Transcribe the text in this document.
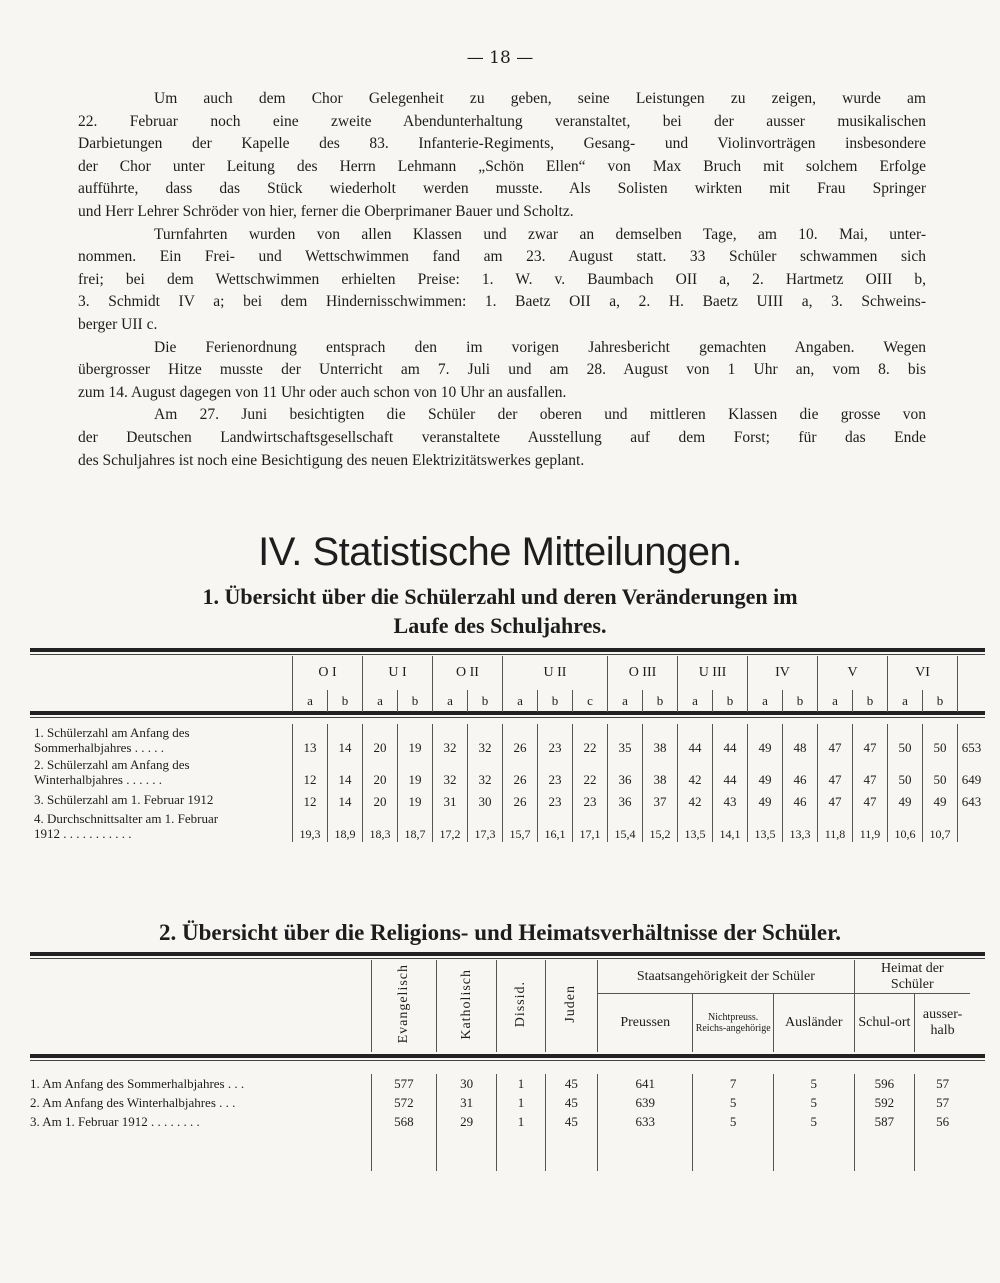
— 18 —
Um auch dem Chor Gelegenheit zu geben, seine Leistungen zu zeigen, wurde am
22. Februar noch eine zweite Abendunterhaltung veranstaltet, bei der ausser musikalischen
Darbietungen der Kapelle des 83. Infanterie-Regiments, Gesang- und Violinvorträgen insbesondere
der Chor unter Leitung des Herrn Lehmann „Schön Ellen“ von Max Bruch mit solchem Erfolge
aufführte, dass das Stück wiederholt werden musste. Als Solisten wirkten mit Frau Springer
und Herr Lehrer Schröder von hier, ferner die Oberprimaner Bauer und Scholtz.
Turnfahrten wurden von allen Klassen und zwar an demselben Tage, am 10. Mai, unter-
nommen. Ein Frei- und Wettschwimmen fand am 23. August statt. 33 Schüler schwammen sich
frei; bei dem Wettschwimmen erhielten Preise: 1. W. v. Baumbach OII a, 2. Hartmetz OIII b,
3. Schmidt IV a; bei dem Hindernisschwimmen: 1. Baetz OII a, 2. H. Baetz UIII a, 3. Schweins-
berger UII c.
Die Ferienordnung entsprach den im vorigen Jahresbericht gemachten Angaben. Wegen
übergrosser Hitze musste der Unterricht am 7. Juli und am 28. August von 1 Uhr an, vom 8. bis
zum 14. August dagegen von 11 Uhr oder auch schon von 10 Uhr an ausfallen.
Am 27. Juni besichtigten die Schüler der oberen und mittleren Klassen die grosse von
der Deutschen Landwirtschaftsgesellschaft veranstaltete Ausstellung auf dem Forst; für das Ende
des Schuljahres ist noch eine Besichtigung des neuen Elektrizitätswerkes geplant.
IV. Statistische Mitteilungen.
1. Übersicht über die Schülerzahl und deren Veränderungen im
Laufe des Schuljahres.
	O I		U I		O II		U II			O III		U III		IV		V		VI		
	a	b	a	b	a	b	a	b	c	a	b	a	b	a	b	a	b	a	b	

1. Schülerzahl am Anfang des
Sommerhalbjahres . . . . .	13	14	20	19	32	32	26	23	22	35	38	44	44	49	48	47	47	50	50	653

2. Schülerzahl am Anfang des
Winterhalbjahres . . . . . .	12	14	20	19	32	32	26	23	22	36	38	42	44	49	46	47	47	50	50	649

3. Schülerzahl am 1. Februar 1912	12	14	20	19	31	30	26	23	23	36	37	42	43	49	46	47	47	49	49	643

4. Durchschnittsalter am 1. Februar
1912 . . . . . . . . . . .	19,3	18,9	18,3	18,7	17,2	17,3	15,7	16,1	17,1	15,4	15,2	13,5	14,1	13,5	13,3	11,8	11,9	10,6	10,7	
2. Übersicht über die Religions- und Heimatsverhältnisse der Schüler.
	Evangelisch	Katholisch	Dissid.	Juden	Staatsangehörigkeit der Schüler			Heimat der Schüler	
					Preussen	Nichtpreuss. Reichs-angehörige	Ausländer	Schul-ort	ausser-halb

1. Am Anfang des Sommerhalbjahres . . .	577	30	1	45	641	7	5	596	57
2. Am Anfang des Winterhalbjahres . . .	572	31	1	45	639	5	5	592	57
3. Am 1. Februar 1912 . . . . . . . .	568	29	1	45	633	5	5	587	56
